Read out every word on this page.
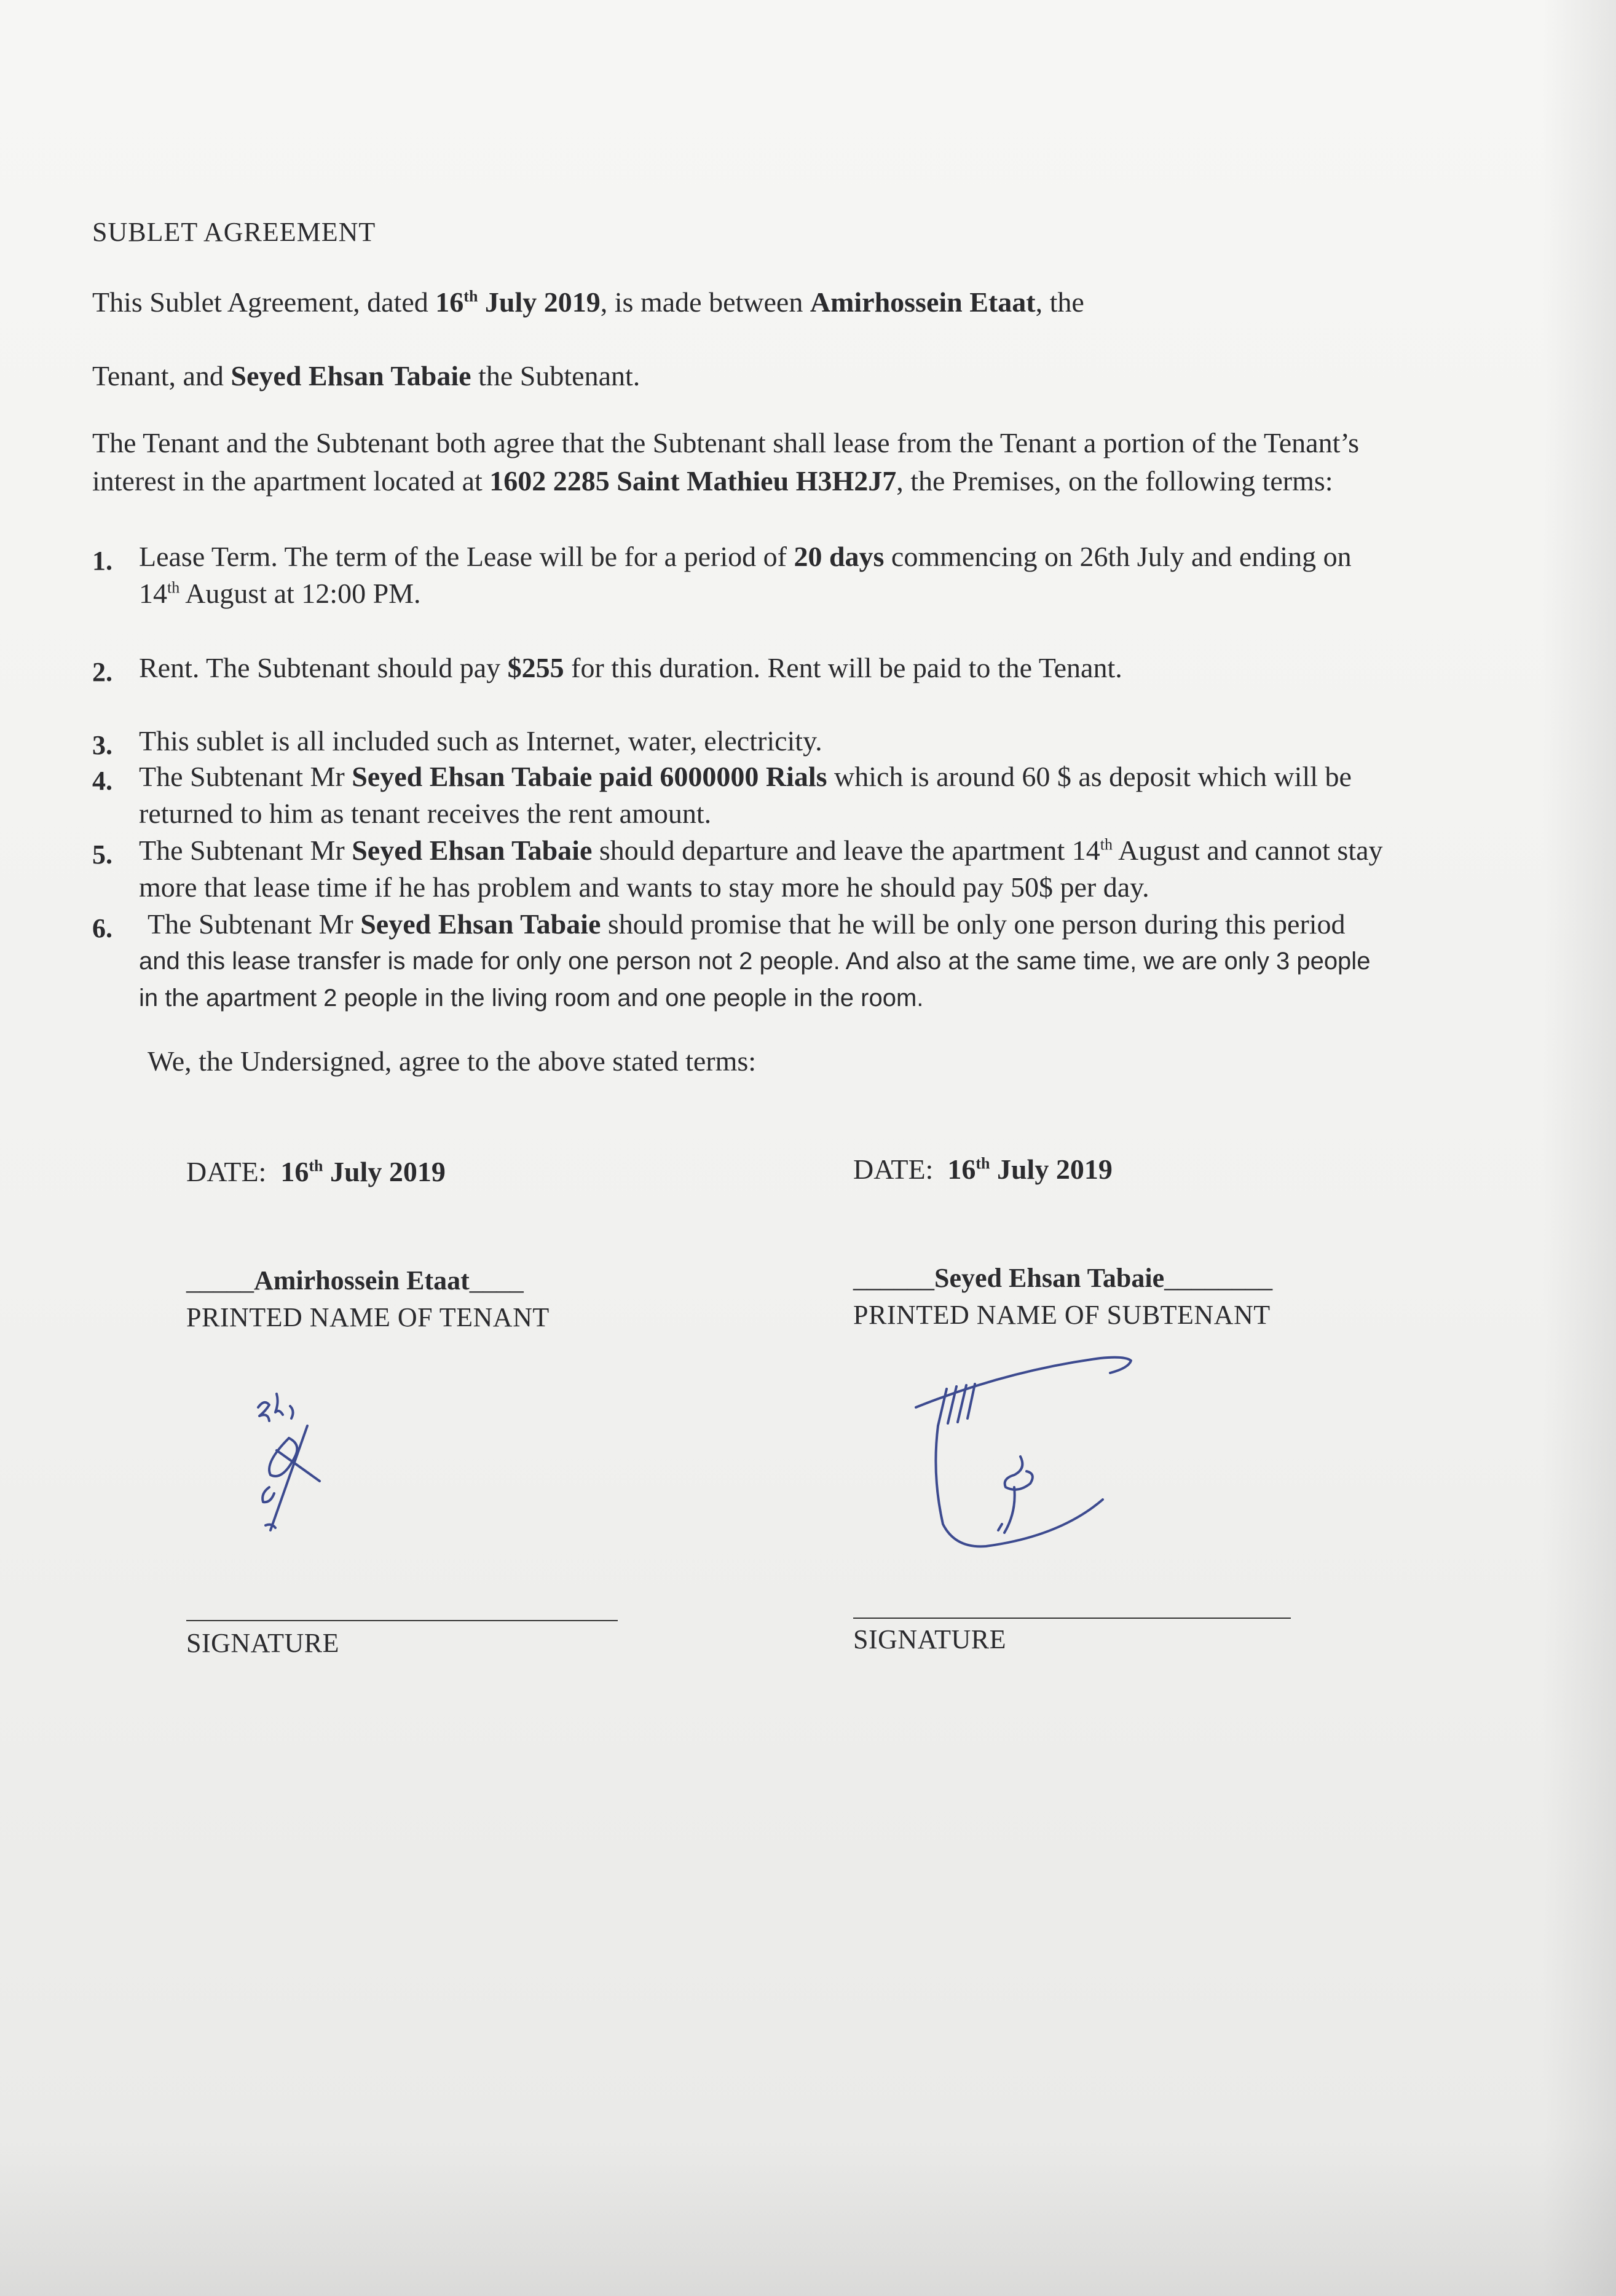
SUBLET AGREEMENT
This Sublet Agreement, dated 16th July 2019, is made between Amirhossein Etaat, the
Tenant, and Seyed Ehsan Tabaie the Subtenant.
The Tenant and the Subtenant both agree that the Subtenant shall lease from the Tenant a portion of the Tenant’s
interest in the apartment located at 1602 2285 Saint Mathieu H3H2J7, the Premises, on the following terms:
1. Lease Term. The term of the Lease will be for a period of 20 days commencing on 26th July and ending on
14th August at 12:00 PM.
2. Rent. The Subtenant should pay $255 for this duration. Rent will be paid to the Tenant.
3. This sublet is all included such as Internet, water, electricity.
4. The Subtenant Mr Seyed Ehsan Tabaie paid 6000000 Rials which is around 60 $ as deposit which will be
returned to him as tenant receives the rent amount.
5. The Subtenant Mr Seyed Ehsan Tabaie should departure and leave the apartment 14th August and cannot stay
more that lease time if he has problem and wants to stay more he should pay 50$ per day.
6. The Subtenant Mr Seyed Ehsan Tabaie should promise that he will be only one person during this period
and this lease transfer is made for only one person not 2 people. And also at the same time, we are only 3 people
in the apartment 2 people in the living room and one people in the room.
We, the Undersigned, agree to the above stated terms:
DATE: 16th July 2019
_____Amirhossein Etaat____
PRINTED NAME OF TENANT
SIGNATURE
DATE: 16th July 2019
______Seyed Ehsan Tabaie________
PRINTED NAME OF SUBTENANT
SIGNATURE
